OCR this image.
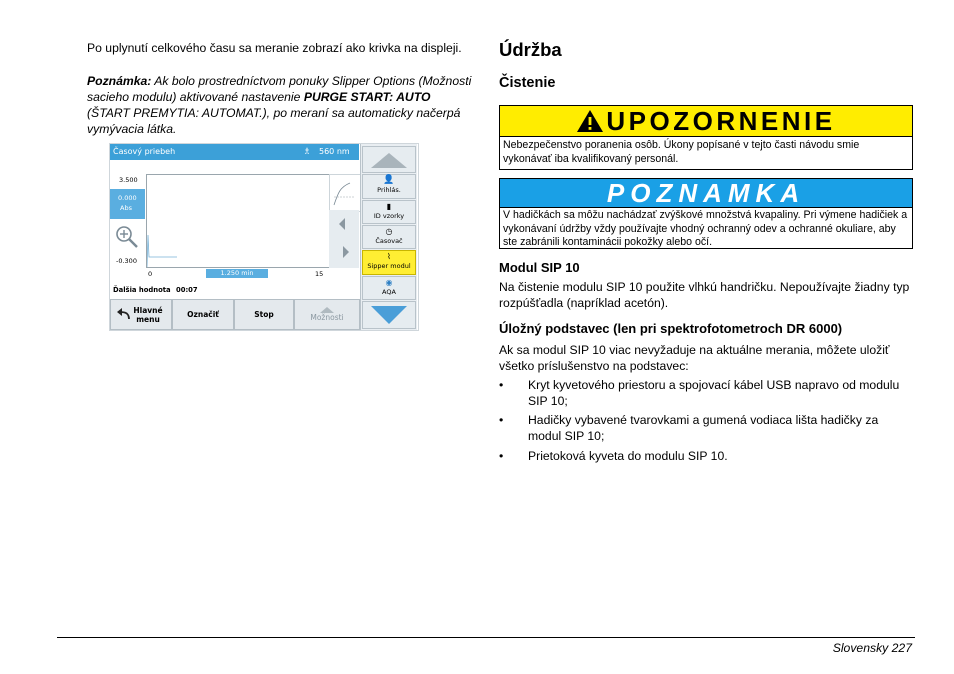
Po uplynutí celkového času sa meranie zobrazí ako krivka na displeji.
Poznámka: Ak bolo prostredníctvom ponuky Slipper Options (Možnosti sacieho modulu) aktivované nastavenie PURGE START: AUTO (ŠTART PREMYTIA: AUTOMAT.), po meraní sa automaticky načerpá vymývacia látka.
Časový priebeh	♗ 560 nm
3.500
0.000
Abs
-0.300
0	1.250 min	15
Ďalšia hodnota 00:07
Hlavné menu	Označiť	Stop	Možnosti
👤
Prihlás.
▮
ID vzorky
◷
Časovač
⌇
Sipper modul
◉
AQA
Údržba
Čistenie
UPOZORNENIE
Nebezpečenstvo poranenia osôb. Úkony popísané v tejto časti návodu smie vykonávať iba kvalifikovaný personál.
POZNAMKA
V hadičkách sa môžu nachádzať zvýškové množstvá kvapaliny. Pri výmene hadičiek a vykonávaní údržby vždy používajte vhodný ochranný odev a ochranné okuliare, aby ste zabránili kontaminácii pokožky alebo očí.
Modul SIP 10
Na čistenie modulu SIP 10 použite vlhkú handričku. Nepoužívajte žiadny typ rozpúšťadla (napríklad acetón).
Úložný podstavec (len pri spektrofotometroch DR 6000)
Ak sa modul SIP 10 viac nevyžaduje na aktuálne merania, môžete uložiť všetko príslušenstvo na podstavec:
• Kryt kyvetového priestoru a spojovací kábel USB napravo od modulu SIP 10;
• Hadičky vybavené tvarovkami a gumená vodiaca lišta hadičky za modul SIP 10;
• Prietoková kyveta do modulu SIP 10.
Slovensky 227
